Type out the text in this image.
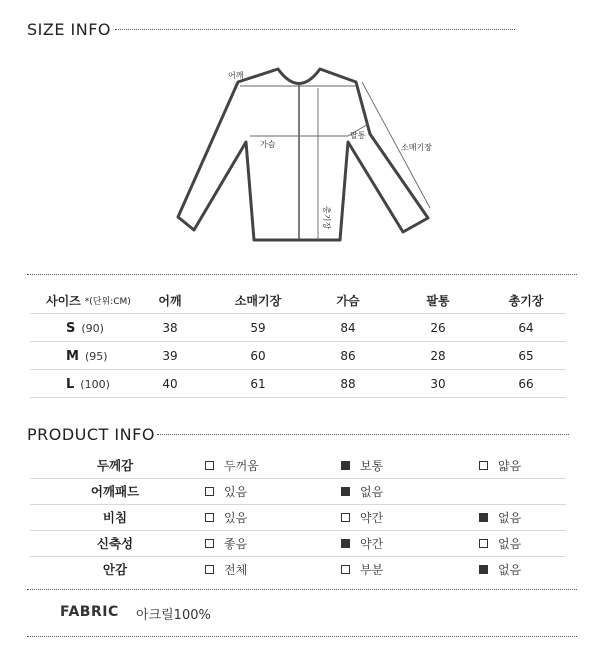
SIZE INFO
어깨
가슴
팔통
소매기장
총기장
사이즈 *(단위:CM)	어깨	소매기장	가슴	팔통	총기장
S (90)	38	59	84	26	64
M (95)	39	60	86	28	65
L (100)	40	61	88	30	66
PRODUCT INFO
두께감	두꺼움	보통	얇음
어깨패드	있음	없음
비침	있음	약간	없음
신축성	좋음	약간	없음
안감	전체	부분	없음
FABRIC 아크릴100%
